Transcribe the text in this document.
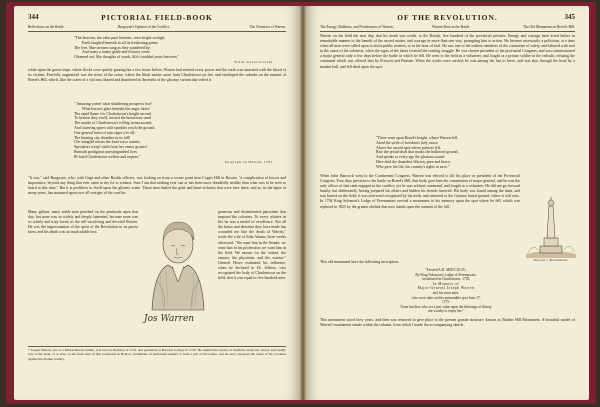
344	PICTORIAL FIELD-BOOK
Reflections on the Battle.	Burgoyne's Opinion of the Conflict.	The Character of Warren.
"The heavens, the calm pure heavens, were bright on high;
Earth laughed beneath in all its freshening green;
The free, blue streams sang as they wandered by;
And many a sunny glade and flowery scene
Gleamed out, like thoughts of youth, life's troubled years between."
Willis Gaylord Clark.
while upon the green slope, where flocks were quietly grazing but a few hours before, Warren had exerted every power and the earth was saturated with the blood of its victims. Fearfully augmented was the terror of the scene, where the black smoke arose from Charlestown on fire, and enveloped the suburbs on the summit of Breed's Hill, which, like the crater of a volcano, blazed and thundered in the midst of the gloomy curtain that veiled it.
" Amazing scene! what shuddering prospects rise!
What horrors glare beneath the angry skies!
The rapid flame o'er Charlestown's height ascend,
To heaven they swell; toward the boisterous wind
The smoke of Charlestown's rolling steam ascend,
And towering spires with sparkles reach the ground.
One general burst of ruin rages o'er all;
The burning city thunders in its fall!
O'er mingled noises the loud voice sounds,
Spectators weep! earth from her centre groans!
Beneath prodigious unextinguished fires
Ill-fated Charlestown welters and expires."
Epigraph on Warren, 1781.
"It was," said Burgoyne, who, with Gage and other British officers, was looking on from a corner point near Copp's Hill in Boston, "a complication of horror and importance, beyond any thing that ever came to my lot to witness. Sure I am that nothing ever can or has been more dreadfully terrible than what was to be seen or heard at this time." But it is profitless to dwell upon the gloomy scene. Those men healed the grief and heart-sickness that were here there; and so, in the lapse of many years, has mourned upon over all vestiges of the conflict.
Many gallant, many noble men perished on the peninsula upon that day; but none was so widely and deeply lamented, because none was so widely and truly loved, as the self-sacrificing and devoted Warren. He was the impersonation of the spirit of the Revolution in its purest form, and his death was an incalculable loss.
Jos Warren
generous and disinterested patriotism that inspired the colonists. To every relative in life he was a model of excellence. Not all the honor and devotion they have made has wounded me like the death of Warren," wrote the wife of John Adams, three weeks afterward. "We want him in the Senate; we want him in his profession; we want him in the field. We mourn for the citizen, the senator, the physician, and the warrior." General Howe estimated his influence, when he declared to Dr. Jeffries, who recognized the body of Charlestown on the field, that it was equal to five hundred men.
* Joseph Warren, son of a Massachusetts farmer, was born in Roxbury in 1741, and graduated at Harvard College in 1759. He studied the science of medicine under Dr. Lloyd, and rapidly rose to the head, or at least, to the front rank of that profession in Boston. Sentiments of patriotism seemed to form a part of his nature, and he early espoused the cause of the colonists against the mother country.
OF THE REVOLUTION.	345
The Energy, Boldness, and Fearlessness of Warren.	Warren Slain in the Battle.	The Old Monument on Breed's Hill.
Warren on the field the next day, that his death was worth, to the British, five hundred of the provincial privates. Energy and courage have acted before in remarkable manner to the benefit of the sacred matter, and courage in more than one way, prompting him to action. He became necessarily a politician, at a time when all men were called upon to aid in public matters, or in the hour of trial. He was one of the earliest members of the committee of safety, and labored with zeal in the cause of the colonists, when the signs of the times foretold the coming struggle. He was chosen president of the provincial Congress, and was commissioned a major general only a few days before the battle in which he fell. He went to the field as a volunteer, and fought as a private soldier in the redoubt, refusing the command which was offered him by Prescott and Putnam. When the works were carried, he was among the last to leave, and was shot through the head by a musket ball, and fell dead upon the spot.
"There went upon Breed's height, where Warren fell,
Amid the strife of freedom's holy cause,
Above the sacred spot where patriots fell,
Rise the proud shaft that marks the hallowed ground,
And speaks to every age the glorious sound:
Here died the dauntless Warren, pure and brave,
Who gave his life, his country's rights to save."
When John Hancock went to the Continental Congress, Warren was elected to fill his place as president of the Provincial Congress. Four days previous to the battle on Breed's Hill, that body gave him the commission of major general, and he was the only officer of that rank engaged in the conflict; yet he was without command, and fought as a volunteer. He did not go forward hastily, but deliberately, having prepared his affairs and bidden his friends farewell. His body was found among the slain, and was buried on the field; it was afterward recognized by his teeth, and removed to the Granary burial ground, where it still rests. In 1794 King Solomon's Lodge of Freemasons erected a monument to his memory upon the spot where he fell, which was replaced in 1825 by the granite obelisk that now stands upon the summit of the hill.
Warren's Monument.
This old monument bore the following inscription:
"Erected A.D. MDCCXCIV.,
By King Solomon's Lodge of Freemasons,
constituted in Charlestown, 1783,
In Memory of
Major-General Joseph Warren
and his associates,
who were slain on this memorable spot June 17,
1775.
None but they who set a just value upon the blessings of liberty
are worthy to enjoy her."
This monument stood forty years, and then was removed to give place to the present granite structure, known as Bunker Hill Monument. A beautiful model of Warren's monument stands within the column, from which I made the accompanying sketch.
